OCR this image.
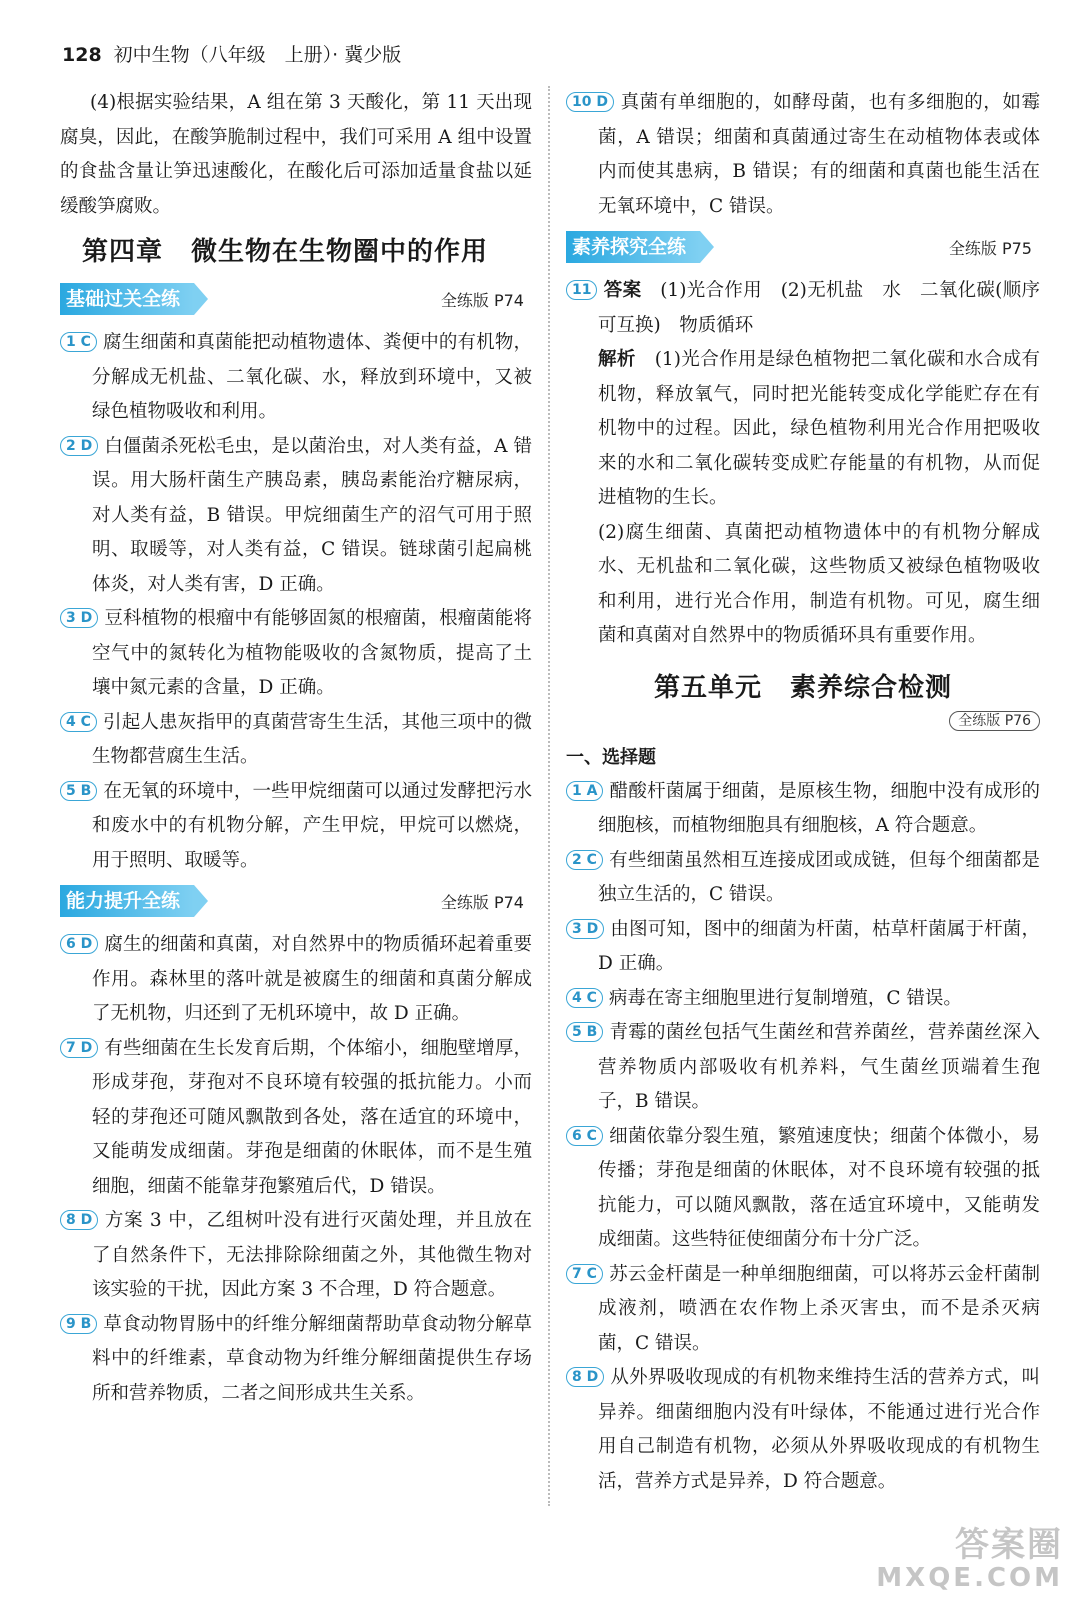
128 初中生物（八年级　上册）· 冀少版

(4)根据实验结果，A 组在第 3 天酸化，第 11 天出现腐臭，因此，在酸笋脆制过程中，我们可采用 A 组中设置的食盐含量让笋迅速酸化，在酸化后可添加适量食盐以延缓酸笋腐败。

第四章 微生物在生物圈中的作用
基础过关全练	全练版 P74

1 C 腐生细菌和真菌能把动植物遗体、粪便中的有机物，分解成无机盐、二氧化碳、水，释放到环境中，又被绿色植物吸收和利用。

2 D 白僵菌杀死松毛虫，是以菌治虫，对人类有益，A 错误。用大肠杆菌生产胰岛素，胰岛素能治疗糖尿病，对人类有益，B 错误。甲烷细菌生产的沼气可用于照明、取暖等，对人类有益，C 错误。链球菌引起扁桃体炎，对人类有害，D 正确。

3 D 豆科植物的根瘤中有能够固氮的根瘤菌，根瘤菌能将空气中的氮转化为植物能吸收的含氮物质，提高了土壤中氮元素的含量，D 正确。

4 C 引起人患灰指甲的真菌营寄生生活，其他三项中的微生物都营腐生生活。

5 B 在无氧的环境中，一些甲烷细菌可以通过发酵把污水和废水中的有机物分解，产生甲烷，甲烷可以燃烧，用于照明、取暖等。

能力提升全练	全练版 P74

6 D 腐生的细菌和真菌，对自然界中的物质循环起着重要作用。森林里的落叶就是被腐生的细菌和真菌分解成了无机物，归还到了无机环境中，故 D 正确。

7 D 有些细菌在生长发育后期，个体缩小，细胞壁增厚，形成芽孢，芽孢对不良环境有较强的抵抗能力。小而轻的芽孢还可随风飘散到各处，落在适宜的环境中，又能萌发成细菌。芽孢是细菌的休眠体，而不是生殖细胞，细菌不能靠芽孢繁殖后代，D 错误。

8 D 方案 3 中，乙组树叶没有进行灭菌处理，并且放在了自然条件下，无法排除除细菌之外，其他微生物对该实验的干扰，因此方案 3 不合理，D 符合题意。

9 B 草食动物胃肠中的纤维分解细菌帮助草食动物分解草料中的纤维素，草食动物为纤维分解细菌提供生存场所和营养物质，二者之间形成共生关系。

10 D 真菌有单细胞的，如酵母菌，也有多细胞的，如霉菌，A 错误；细菌和真菌通过寄生在动植物体表或体内而使其患病，B 错误；有的细菌和真菌也能生活在无氧环境中，C 错误。

素养探究全练	全练版 P75

11 答案　 (1)光合作用　(2)无机盐　水　二氧化碳(顺序可互换)　物质循环

解析　 (1)光合作用是绿色植物把二氧化碳和水合成有机物，释放氧气，同时把光能转变成化学能贮存在有机物中的过程。因此，绿色植物利用光合作用把吸收来的水和二氧化碳转变成贮存能量的有机物，从而促进植物的生长。

(2)腐生细菌、真菌把动植物遗体中的有机物分解成水、无机盐和二氧化碳，这些物质又被绿色植物吸收和利用，进行光合作用，制造有机物。可见，腐生细菌和真菌对自然界中的物质循环具有重要作用。

第五单元 素养综合检测
全练版 P76
一、选择题

1 A 醋酸杆菌属于细菌，是原核生物，细胞中没有成形的细胞核，而植物细胞具有细胞核，A 符合题意。

2 C 有些细菌虽然相互连接成团或成链，但每个细菌都是独立生活的，C 错误。

3 D 由图可知，图中的细菌为杆菌，枯草杆菌属于杆菌，D 正确。

4 C 病毒在寄主细胞里进行复制增殖，C 错误。

5 B 青霉的菌丝包括气生菌丝和营养菌丝，营养菌丝深入营养物质内部吸收有机养料，气生菌丝顶端着生孢子，B 错误。

6 C 细菌依靠分裂生殖，繁殖速度快；细菌个体微小，易传播；芽孢是细菌的休眠体，对不良环境有较强的抵抗能力，可以随风飘散，落在适宜环境中，又能萌发成细菌。这些特征使细菌分布十分广泛。

7 C 苏云金杆菌是一种单细胞细菌，可以将苏云金杆菌制成液剂，喷洒在农作物上杀灭害虫，而不是杀灭病菌，C 错误。

8 D 从外界吸收现成的有机物来维持生活的营养方式，叫异养。细菌细胞内没有叶绿体，不能通过进行光合作用自己制造有机物，必须从外界吸收现成的有机物生活，营养方式是异养，D 符合题意。

答案圈
MXQE.COM
